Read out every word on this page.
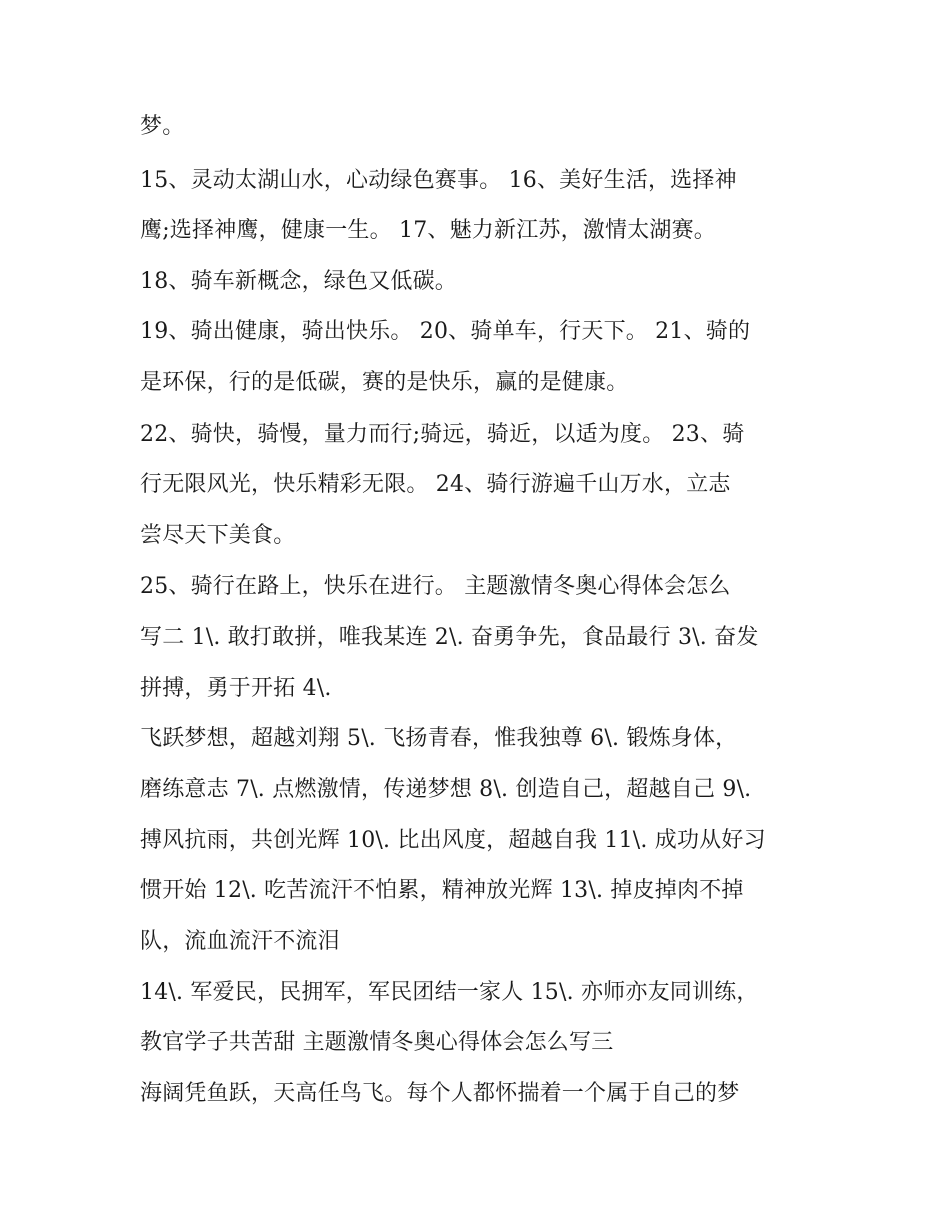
梦。
15、灵动太湖山水，心动绿色赛事。 16、美好生活，选择神
鹰;选择神鹰，健康一生。 17、魅力新江苏，激情太湖赛。
18、骑车新概念，绿色又低碳。
19、骑出健康，骑出快乐。 20、骑单车，行天下。 21、骑的
是环保，行的是低碳，赛的是快乐，赢的是健康。
22、骑快，骑慢，量力而行;骑远，骑近，以适为度。 23、骑
行无限风光，快乐精彩无限。 24、骑行游遍千山万水，立志
尝尽天下美食。
25、骑行在路上，快乐在进行。 主题激情冬奥心得体会怎么
写二 1\. 敢打敢拼，唯我某连 2\. 奋勇争先，食品最行 3\. 奋发
拼搏，勇于开拓 4\.
飞跃梦想，超越刘翔 5\. 飞扬青春，惟我独尊 6\. 锻炼身体，
磨练意志 7\. 点燃激情，传递梦想 8\. 创造自己，超越自己 9\.
搏风抗雨，共创光辉 10\. 比出风度，超越自我 11\. 成功从好习
惯开始 12\. 吃苦流汗不怕累，精神放光辉 13\. 掉皮掉肉不掉
队，流血流汗不流泪
14\. 军爱民，民拥军，军民团结一家人 15\. 亦师亦友同训练，
教官学子共苦甜 主题激情冬奥心得体会怎么写三
海阔凭鱼跃，天高任鸟飞。每个人都怀揣着一个属于自己的梦
